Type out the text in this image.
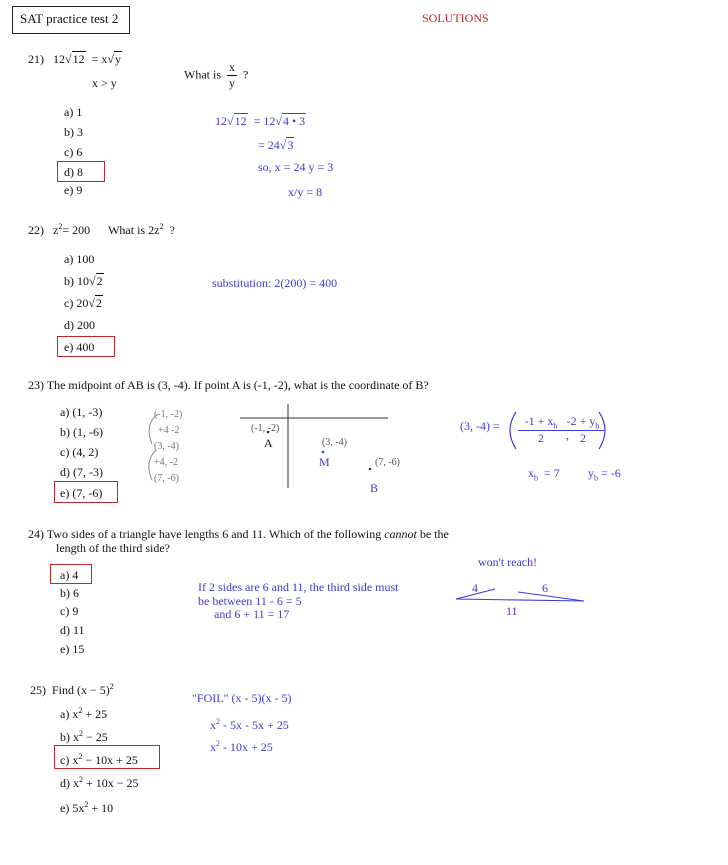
SAT practice test 2	SOLUTIONS
21) 12√12 = x√y
x > y
What is $\frac{x}{y}$ ?
a) 1
b) 3
c) 6
d) 8
e) 9
12√12 = 12√4 • 3
= 24√3
so, x = 24 y = 3
x/y = 8
22) $z^2= 200$ What is $2z^2$ ?
a) 100
b) 10√2
c) 20√2
d) 200
e) 400
substitution: 2(200) = 400
23) The midpoint of AB is (3, -4). If point A is (-1, -2), what is the coordinate of B?
a) (1, -3)
b) (1, -6)
c) (4, 2)
d) (7, -3)
e) (7, -6)
(-1, -2)
+4 -2
(3, -4)
+4, -2
(7, -6)
(-1, -2)
A	(3, -4)
M	(7, -6)
B
(3, -4) =	$-1 + x_b$
2	,
$-2 + y_b$
2
$x_b = 7$ $y_b = -6$
24) Two sides of a triangle have lengths 6 and 11. Which of the following cannot be the
length of the third side?
a) 4
b) 6
c) 9
d) 11
e) 15
If 2 sides are 6 and 11, the third side must
be between 11 - 6 = 5
and 6 + 11 = 17
won't reach!
4	6
11
25) Find $(x - 5)^2$
a) $x^2 + 25$
b) $x^2 - 25$
c) $x^2 - 10x + 25$
d) $x^2 + 10x - 25$
e) $5x^2 + 10$
"FOIL" (x - 5)(x - 5)
$x^2 - 5x - 5x + 25$
$x^2 - 10x + 25$
